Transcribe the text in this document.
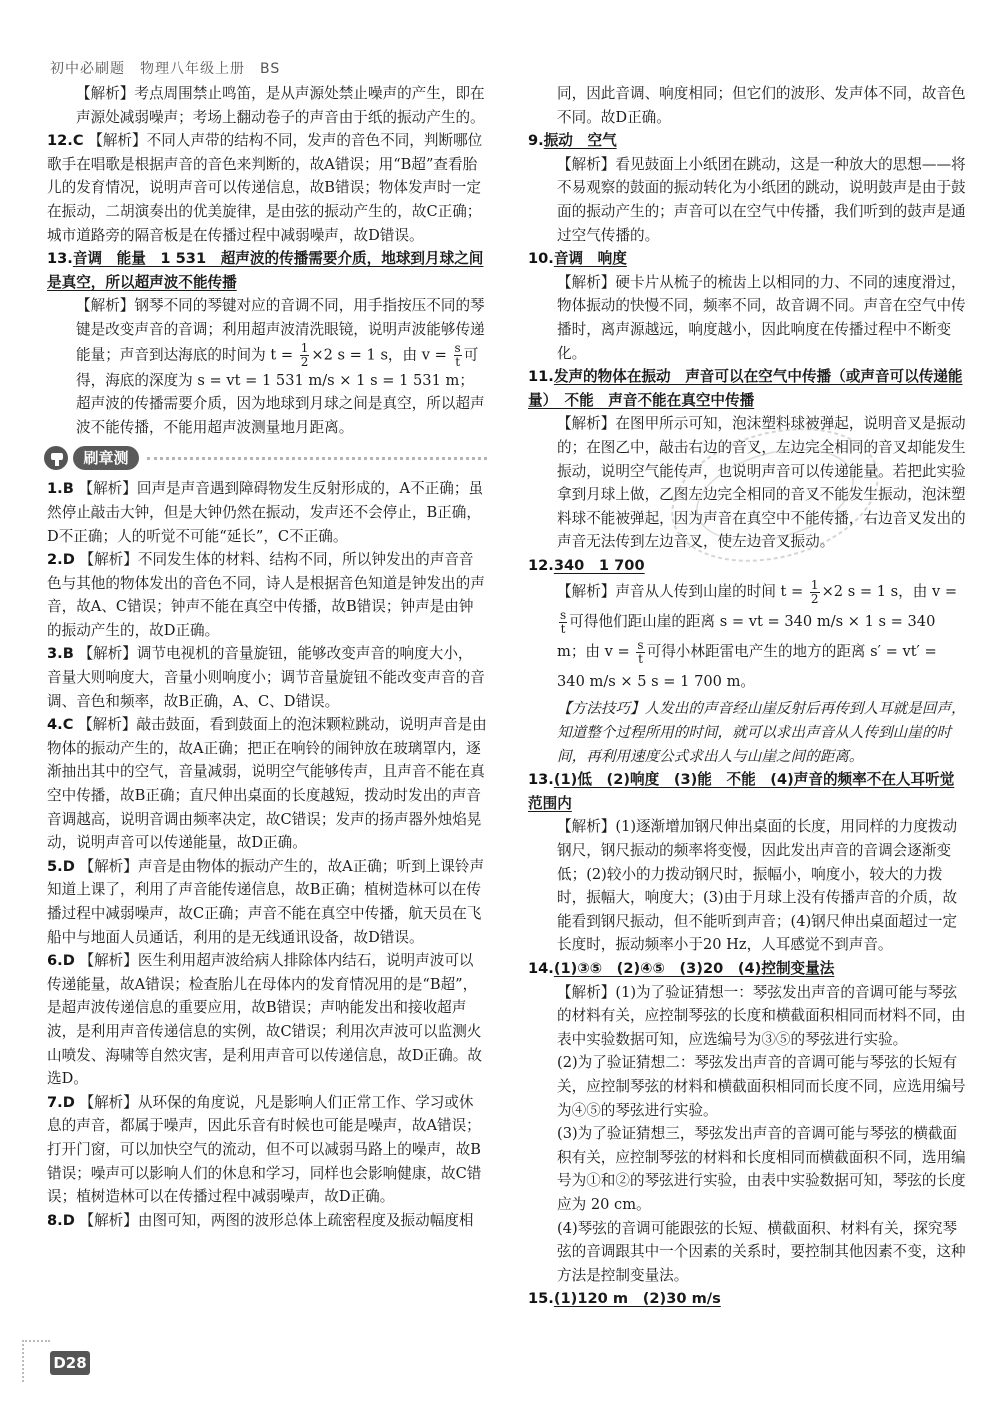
初中必刷题　物理八年级上册　BS

【解析】考点周围禁止鸣笛，是从声源处禁止噪声的产生，即在声源处减弱噪声；考场上翻动卷子的声音由于纸的振动产生的。

12.C 【解析】不同人声带的结构不同，发声的音色不同，判断哪位歌手在唱歌是根据声音的音色来判断的，故A错误；用“B超”查看胎儿的发育情况，说明声音可以传递信息，故B错误；物体发声时一定在振动，二胡演奏出的优美旋律，是由弦的振动产生的，故C正确；城市道路旁的隔音板是在传播过程中减弱噪声，故D错误。

13.音调　能量　1 531　超声波的传播需要介质，地球到月球之间是真空，所以超声波不能传播

【解析】钢琴不同的琴键对应的音调不同，用手指按压不同的琴键是改变声音的音调；利用超声波清洗眼镜，说明声波能够传递能量；声音到达海底的时间为 $t = \frac{1}{2} \times 2$ s = 1 s，由 $v = \frac{s}{t}$ 可得，海底的深度为 s = vt = 1 531 m/s × 1 s = 1 531 m；超声波的传播需要介质，因为地球到月球之间是真空，所以超声波不能传播，不能用超声波测量地月距离。

刷章测

1.B 【解析】回声是声音遇到障碍物发生反射形成的，A不正确；虽然停止敲击大钟，但是大钟仍然在振动，发声还不会停止，B正确，D不正确；人的听觉不可能“延长”，C不正确。

2.D 【解析】不同发生体的材料、结构不同，所以钟发出的声音音色与其他的物体发出的音色不同，诗人是根据音色知道是钟发出的声音，故A、C错误；钟声不能在真空中传播，故B错误；钟声是由钟的振动产生的，故D正确。

3.B 【解析】调节电视机的音量旋钮，能够改变声音的响度大小，音量大则响度大，音量小则响度小；调节音量旋钮不能改变声音的音调、音色和频率，故B正确，A、C、D错误。

4.C 【解析】敲击鼓面，看到鼓面上的泡沫颗粒跳动，说明声音是由物体的振动产生的，故A正确；把正在响铃的闹钟放在玻璃罩内，逐渐抽出其中的空气，音量减弱，说明空气能够传声，且声音不能在真空中传播，故B正确；直尺伸出桌面的长度越短，拨动时发出的声音音调越高，说明音调由频率决定，故C错误；发声的扬声器外烛焰晃动，说明声音可以传递能量，故D正确。

5.D 【解析】声音是由物体的振动产生的，故A正确；听到上课铃声知道上课了，利用了声音能传递信息，故B正确；植树造林可以在传播过程中减弱噪声，故C正确；声音不能在真空中传播，航天员在飞船中与地面人员通话，利用的是无线通讯设备，故D错误。

6.D 【解析】医生利用超声波给病人排除体内结石，说明声波可以传递能量，故A错误；检查胎儿在母体内的发育情况用的是“B超”，是超声波传递信息的重要应用，故B错误；声呐能发出和接收超声波，是利用声音传递信息的实例，故C错误；利用次声波可以监测火山喷发、海啸等自然灾害，是利用声音可以传递信息，故D正确。故选D。

7.D 【解析】从环保的角度说，凡是影响人们正常工作、学习或休息的声音，都属于噪声，因此乐音有时候也可能是噪声，故A错误；打开门窗，可以加快空气的流动，但不可以减弱马路上的噪声，故B错误；噪声可以影响人们的休息和学习，同样也会影响健康，故C错误；植树造林可以在传播过程中减弱噪声，故D正确。

8.D 【解析】由图可知，两图的波形总体上疏密程度及振动幅度相

同，因此音调、响度相同；但它们的波形、发声体不同，故音色不同。故D正确。

9.振动　空气

【解析】看见鼓面上小纸团在跳动，这是一种放大的思想——将不易观察的鼓面的振动转化为小纸团的跳动，说明鼓声是由于鼓面的振动产生的；声音可以在空气中传播，我们听到的鼓声是通过空气传播的。

10.音调　响度

【解析】硬卡片从梳子的梳齿上以相同的力、不同的速度滑过，物体振动的快慢不同，频率不同，故音调不同。声音在空气中传播时，离声源越远，响度越小，因此响度在传播过程中不断变化。

11.发声的物体在振动　声音可以在空气中传播（或声音可以传递能量）　不能　声音不能在真空中传播

【解析】在图甲所示可知，泡沫塑料球被弹起，说明音叉是振动的；在图乙中，敲击右边的音叉，左边完全相同的音叉却能发生振动，说明空气能传声，也说明声音可以传递能量。若把此实验拿到月球上做，乙图左边完全相同的音叉不能发生振动，泡沫塑料球不能被弹起，因为声音在真空中不能传播，右边音叉发出的声音无法传到左边音叉，使左边音叉振动。

12.340　1 700

【解析】声音从人传到山崖的时间 $t = \frac{1}{2} \times 2$ s = 1 s，由 v =
$\frac{s}{t}$ 可得他们距山崖的距离 s = vt = 340 m/s × 1 s = 340 m；由 $v = \frac{s}{t}$ 可得小林距雷电产生的地方的距离 s′ = vt′ = 340 m/s × 5 s = 1 700 m。

【方法技巧】人发出的声音经山崖反射后再传到人耳就是回声，知道整个过程所用的时间，就可以求出声音从人传到山崖的时间，再利用速度公式求出人与山崖之间的距离。

13.(1)低　(2)响度　(3)能　不能　(4)声音的频率不在人耳听觉范围内

【解析】(1)逐渐增加钢尺伸出桌面的长度，用同样的力度拨动钢尺，钢尺振动的频率将变慢，因此发出声音的音调会逐渐变低；(2)较小的力拨动钢尺时，振幅小，响度小，较大的力拨时，振幅大，响度大；(3)由于月球上没有传播声音的介质，故能看到钢尺振动，但不能听到声音；(4)钢尺伸出桌面超过一定长度时，振动频率小于20 Hz，人耳感觉不到声音。

14.(1)③⑤　(2)④⑤　(3)20　(4)控制变量法

【解析】(1)为了验证猜想一：琴弦发出声音的音调可能与琴弦的材料有关，应控制琴弦的长度和横截面积相同而材料不同，由表中实验数据可知，应选编号为③⑤的琴弦进行实验。

(2)为了验证猜想二：琴弦发出声音的音调可能与琴弦的长短有关，应控制琴弦的材料和横截面积相同而长度不同，应选用编号为④⑤的琴弦进行实验。

(3)为了验证猜想三，琴弦发出声音的音调可能与琴弦的横截面积有关，应控制琴弦的材料和长度相同而横截面积不同，选用编号为①和②的琴弦进行实验，由表中实验数据可知，琴弦的长度应为 20 cm。

(4)琴弦的音调可能跟弦的长短、横截面积、材料有关，探究琴弦的音调跟其中一个因素的关系时，要控制其他因素不变，这种方法是控制变量法。

15.(1)120 m　(2)30 m/s

D28
